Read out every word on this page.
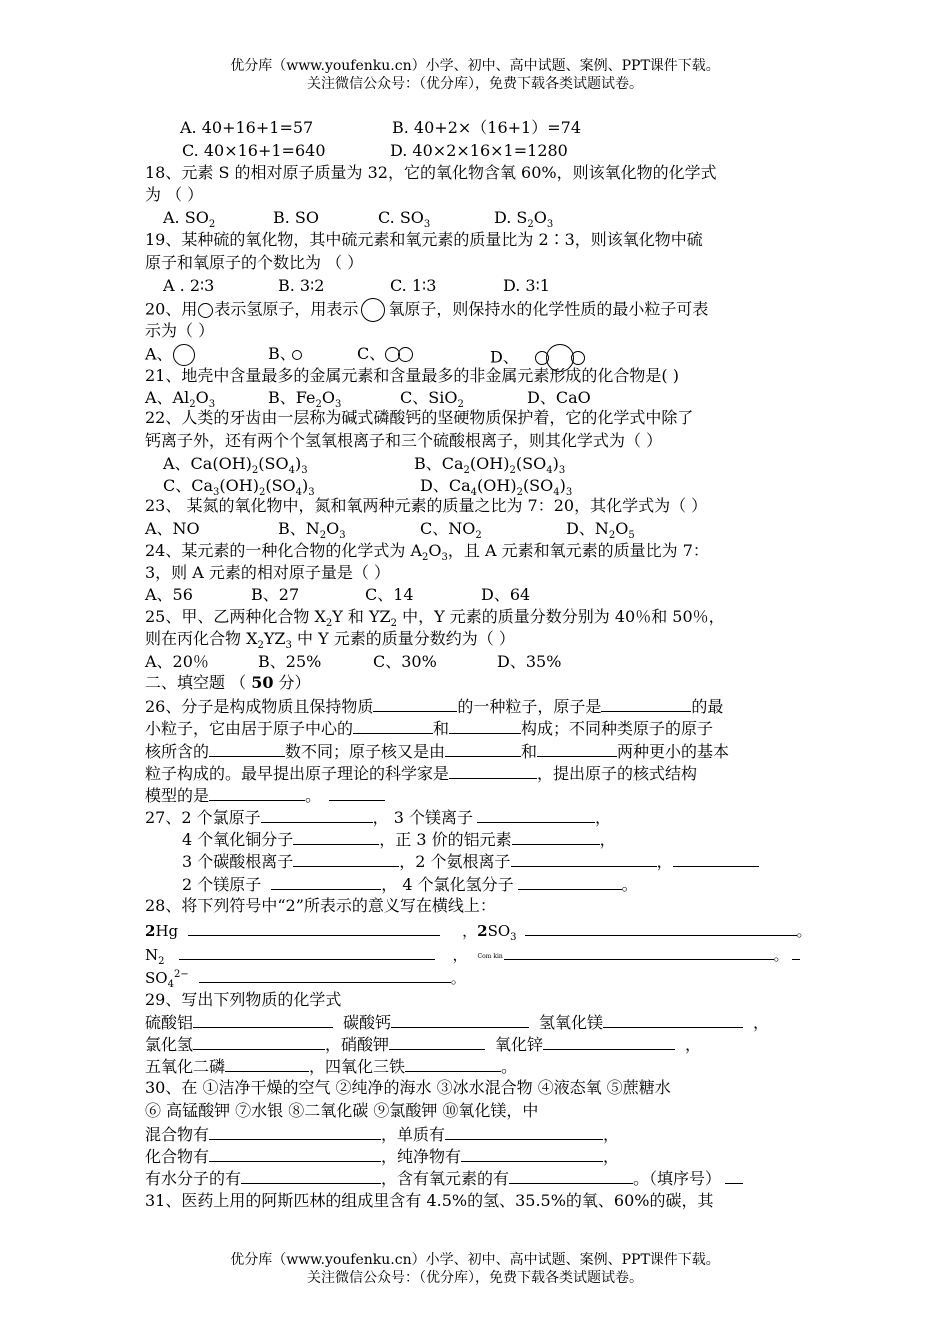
优分库（www.youfenku.cn）小学、初中、高中试题、案例、PPT课件下载。
关注微信公众号：（优分库），免费下载各类试题试卷。
A. 40+16+1=57	B. 40+2×（16+1）=74
C. 40×16+1=640	D. 40×2×16×1=1280
18、元素 S 的相对原子质量为 32，它的氧化物含氧 60%，则该氧化物的化学式
为 （ ）
A. $SO_2$	B. SO	C. $SO_3$	D. $S_2O_3$
19、某种硫的氧化物，其中硫元素和氧元素的质量比为 2∶3，则该氧化物中硫
原子和氧原子的个数比为 （ ）
A . 2∶3	B. 3∶2	C. 1∶3	D. 3∶1
20、用 表示氢原子，用表示 氧原子，则保持水的化学性质的最小粒子可表
示为（ ）
A、	B、	C、	D、
21、地壳中含量最多的金属元素和含量最多的非金属元素形成的化合物是( )
A、$Al_2O_3$	B、$Fe_2O_3$	C、SiO$_2$	D、CaO
22、人类的牙齿由一层称为碱式磷酸钙的坚硬物质保护着，它的化学式中除了
钙离子外，还有两个个氢氧根离子和三个硫酸根离子，则其化学式为（ ）
A、$Ca(OH)_2(SO_4)_3$	B、$Ca_2(OH)_2(SO_4)_3$
C、$Ca_3(OH)_2(SO_4)_3$	D、$Ca_4(OH)_2(SO_4)_3$
23、 某氮的氧化物中，氮和氧两种元素的质量之比为 7：20，其化学式为（ ）
A、NO	B、$N_2O_3$	C、$NO_2$	D、$N_2O_5$
24、某元素的一种化合物的化学式为 $A_2O_3$，且 A 元素和氧元素的质量比为 7：
3，则 A 元素的相对原子量是（ ）
A、56	B、27	C、14	D、64
25、甲、乙两种化合物 $X_2Y$ 和 $YZ_2$ 中，Y 元素的质量分数分别为 40％和 50％，
则在丙化合物 $X_2YZ_3$ 中 Y 元素的质量分数约为（ ）
A、20％	B、25%	C、30%	D、35%
二、填空题 （ 50 分）
26、分子是构成物质且保持物质	的一种粒子，原子是	的最
小粒子，它由居于原子中心的	和	构成；不同种类原子的原子
核所含的	数不同；原子核又是由	和	两种更小的基本
粒子构成的。最早提出原子理论的科学家是	，提出原子的核式结构
模型的是	。
27、2 个氯原子	， 3 个镁离子	，
4 个氧化铜分子	，正 3 价的铝元素	，
3 个碳酸根离子	，2 个氨根离子	，
2 个镁原子	， 4 个氯化氢分子	。
28、将下列符号中“2”所表示的意义写在横线上：
2Hg	，$2SO_3$	。
$N_2$	， Com kin	。
$SO_4^{2-}$	。
29、写出下列物质的化学式
硫酸铝	碳酸钙	氢氧化镁	，
氯化氢	，硝酸钾	氧化锌	，
五氧化二磷	，四氧化三铁	。
30、在 ①洁净干燥的空气 ②纯净的海水 ③冰水混合物 ④液态氧 ⑤蔗糖水
⑥ 高锰酸钾 ⑦水银 ⑧二氧化碳 ⑨氯酸钾 ⑩氧化镁，中
混合物有	，单质有	，
化合物有	，纯净物有	，
有水分子的有	，含有氧元素的有	。（填序号）
31、医药上用的阿斯匹林的组成里含有 4.5%的氢、35.5%的氧、60%的碳，其
优分库（www.youfenku.cn）小学、初中、高中试题、案例、PPT课件下载。
关注微信公众号：（优分库），免费下载各类试题试卷。
